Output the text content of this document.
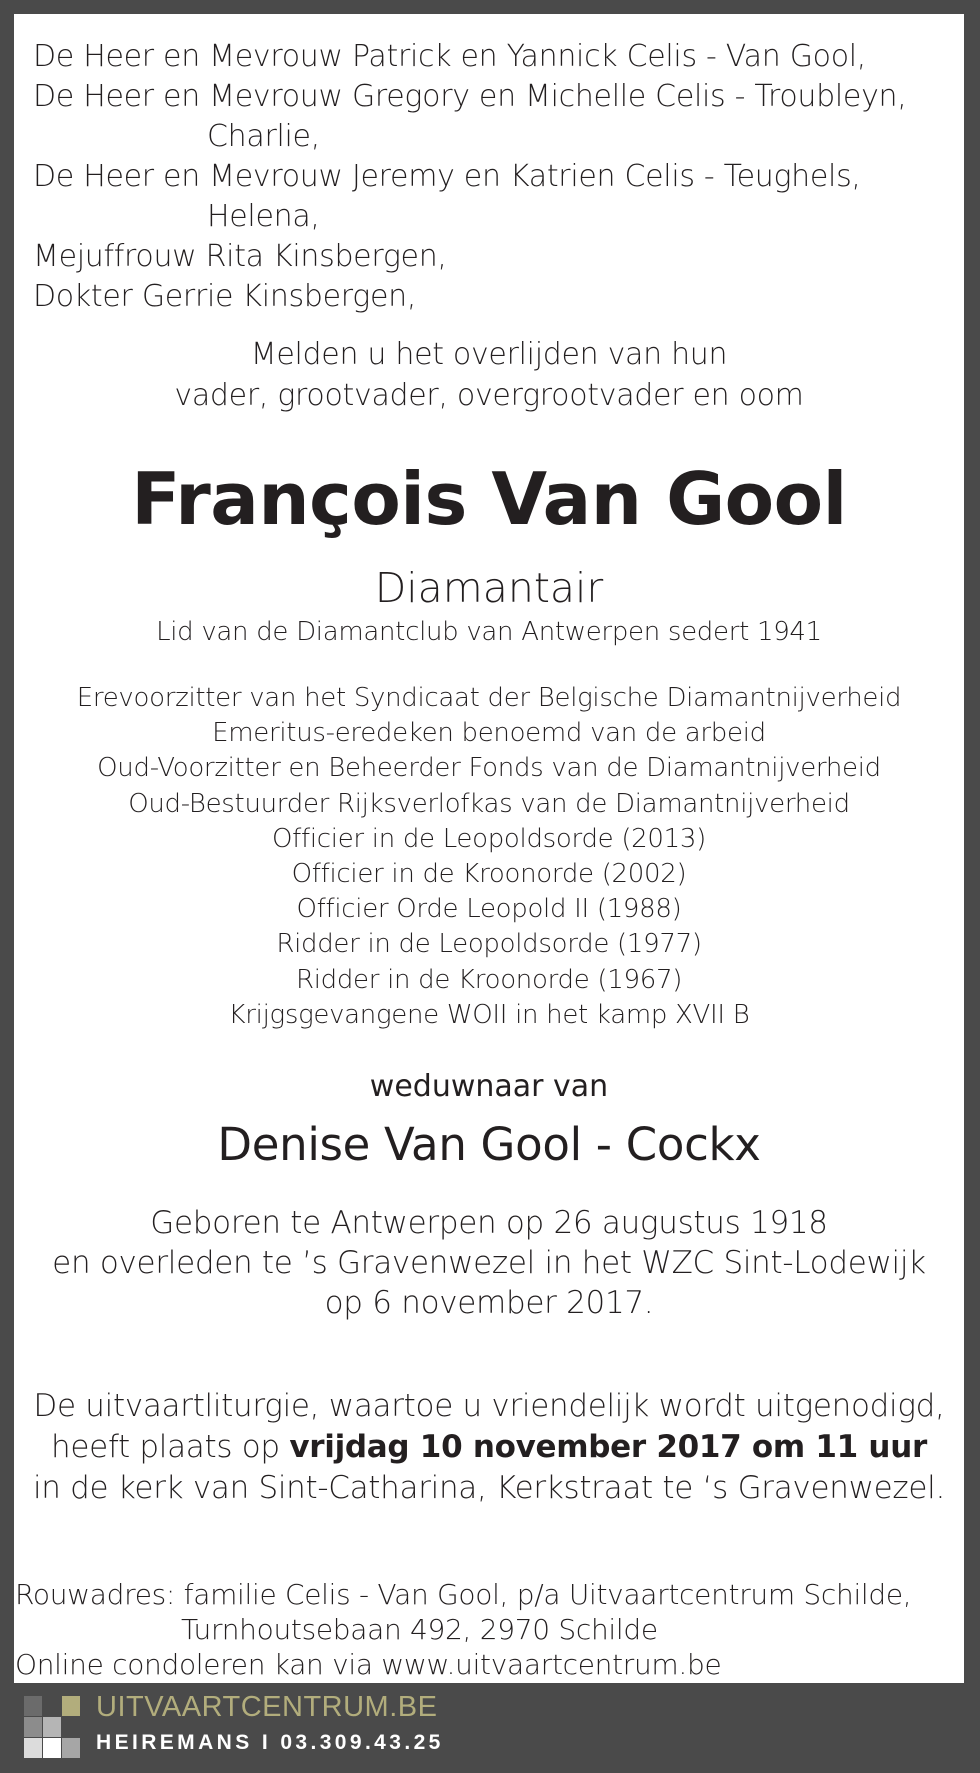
De Heer en Mevrouw Patrick en Yannick Celis - Van Gool,
De Heer en Mevrouw Gregory en Michelle Celis - Troubleyn,
Charlie,
De Heer en Mevrouw Jeremy en Katrien Celis - Teughels,
Helena,
Mejuffrouw Rita Kinsbergen,
Dokter Gerrie Kinsbergen,
Melden u het overlijden van hun
vader, grootvader, overgrootvader en oom
François Van Gool
Diamantair
Lid van de Diamantclub van Antwerpen sedert 1941
Erevoorzitter van het Syndicaat der Belgische Diamantnijverheid
Emeritus-eredeken benoemd van de arbeid
Oud-Voorzitter en Beheerder Fonds van de Diamantnijverheid
Oud-Bestuurder Rijksverlofkas van de Diamantnijverheid
Officier in de Leopoldsorde (2013)
Officier in de Kroonorde (2002)
Officier Orde Leopold II (1988)
Ridder in de Leopoldsorde (1977)
Ridder in de Kroonorde (1967)
Krijgsgevangene WOII in het kamp XVII B
weduwnaar van
Denise Van Gool - Cockx
Geboren te Antwerpen op 26 augustus 1918
en overleden te ’s Gravenwezel in het WZC Sint-Lodewijk
op 6 november 2017.
De uitvaartliturgie, waartoe u vriendelijk wordt uitgenodigd,
heeft plaats op vrijdag 10 november 2017 om 11 uur
in de kerk van Sint-Catharina, Kerkstraat te ‘s Gravenwezel.
Rouwadres: familie Celis - Van Gool, p/a Uitvaartcentrum Schilde,
Turnhoutsebaan 492, 2970 Schilde
Online condoleren kan via www.uitvaartcentrum.be
UITVAARTCENTRUM.BE
HEIREMANS I 03.309.43.25
